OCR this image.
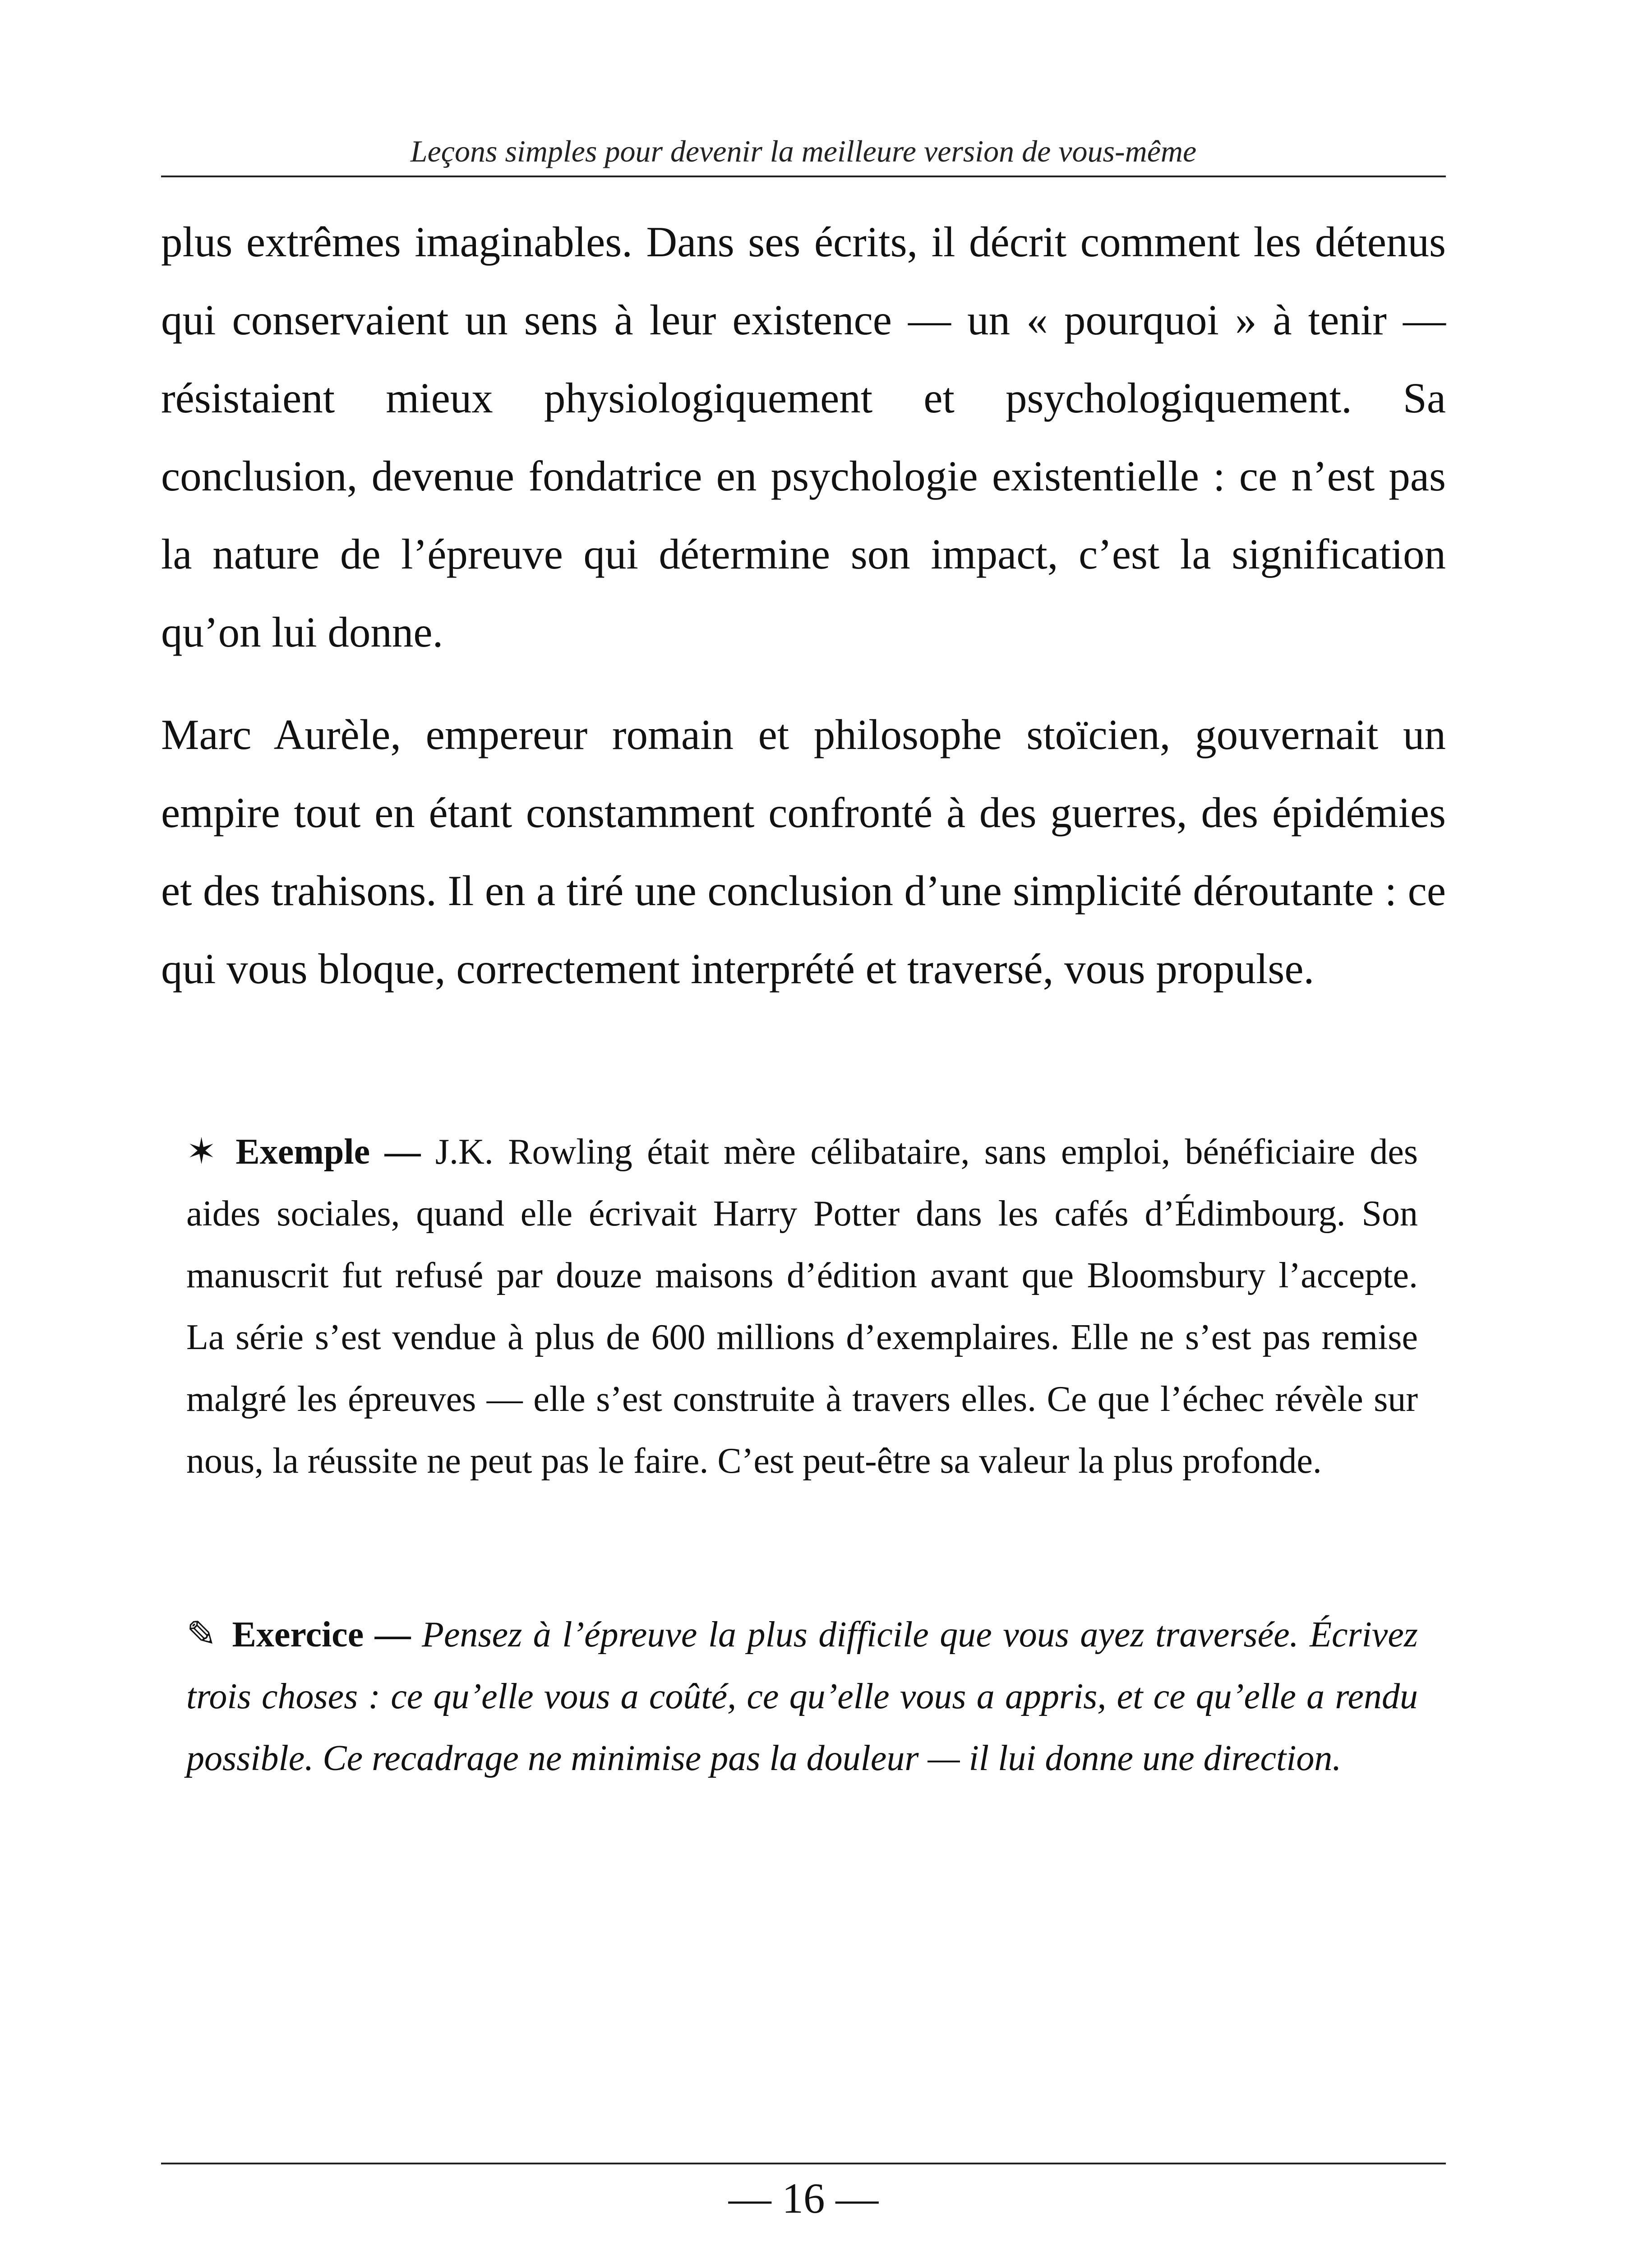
Leçons simples pour devenir la meilleure version de vous-même

plus extrêmes imaginables. Dans ses écrits, il décrit comment les détenus qui conservaient un sens à leur existence — un « pourquoi » à tenir — résistaient mieux physiologiquement et psychologiquement. Sa conclusion, devenue fondatrice en psychologie existentielle : ce n’est pas la nature de l’épreuve qui détermine son impact, c’est la signification qu’on lui donne.

Marc Aurèle, empereur romain et philosophe stoïcien, gouvernait un empire tout en étant constamment confronté à des guerres, des épidémies et des trahisons. Il en a tiré une conclusion d’une simplicité déroutante : ce qui vous bloque, correctement interprété et traversé, vous propulse.

✶ Exemple — J.K. Rowling était mère célibataire, sans emploi, bénéficiaire des aides sociales, quand elle écrivait Harry Potter dans les cafés d’Édimbourg. Son manuscrit fut refusé par douze maisons d’édition avant que Bloomsbury l’accepte. La série s’est vendue à plus de 600 millions d’exemplaires. Elle ne s’est pas remise malgré les épreuves — elle s’est construite à travers elles. Ce que l’échec révèle sur nous, la réussite ne peut pas le faire. C’est peut-être sa valeur la plus profonde.

✎ Exercice — Pensez à l’épreuve la plus difficile que vous ayez traversée. Écrivez trois choses : ce qu’elle vous a coûté, ce qu’elle vous a appris, et ce qu’elle a rendu possible. Ce recadrage ne minimise pas la douleur — il lui donne une direction.

— 16 —
